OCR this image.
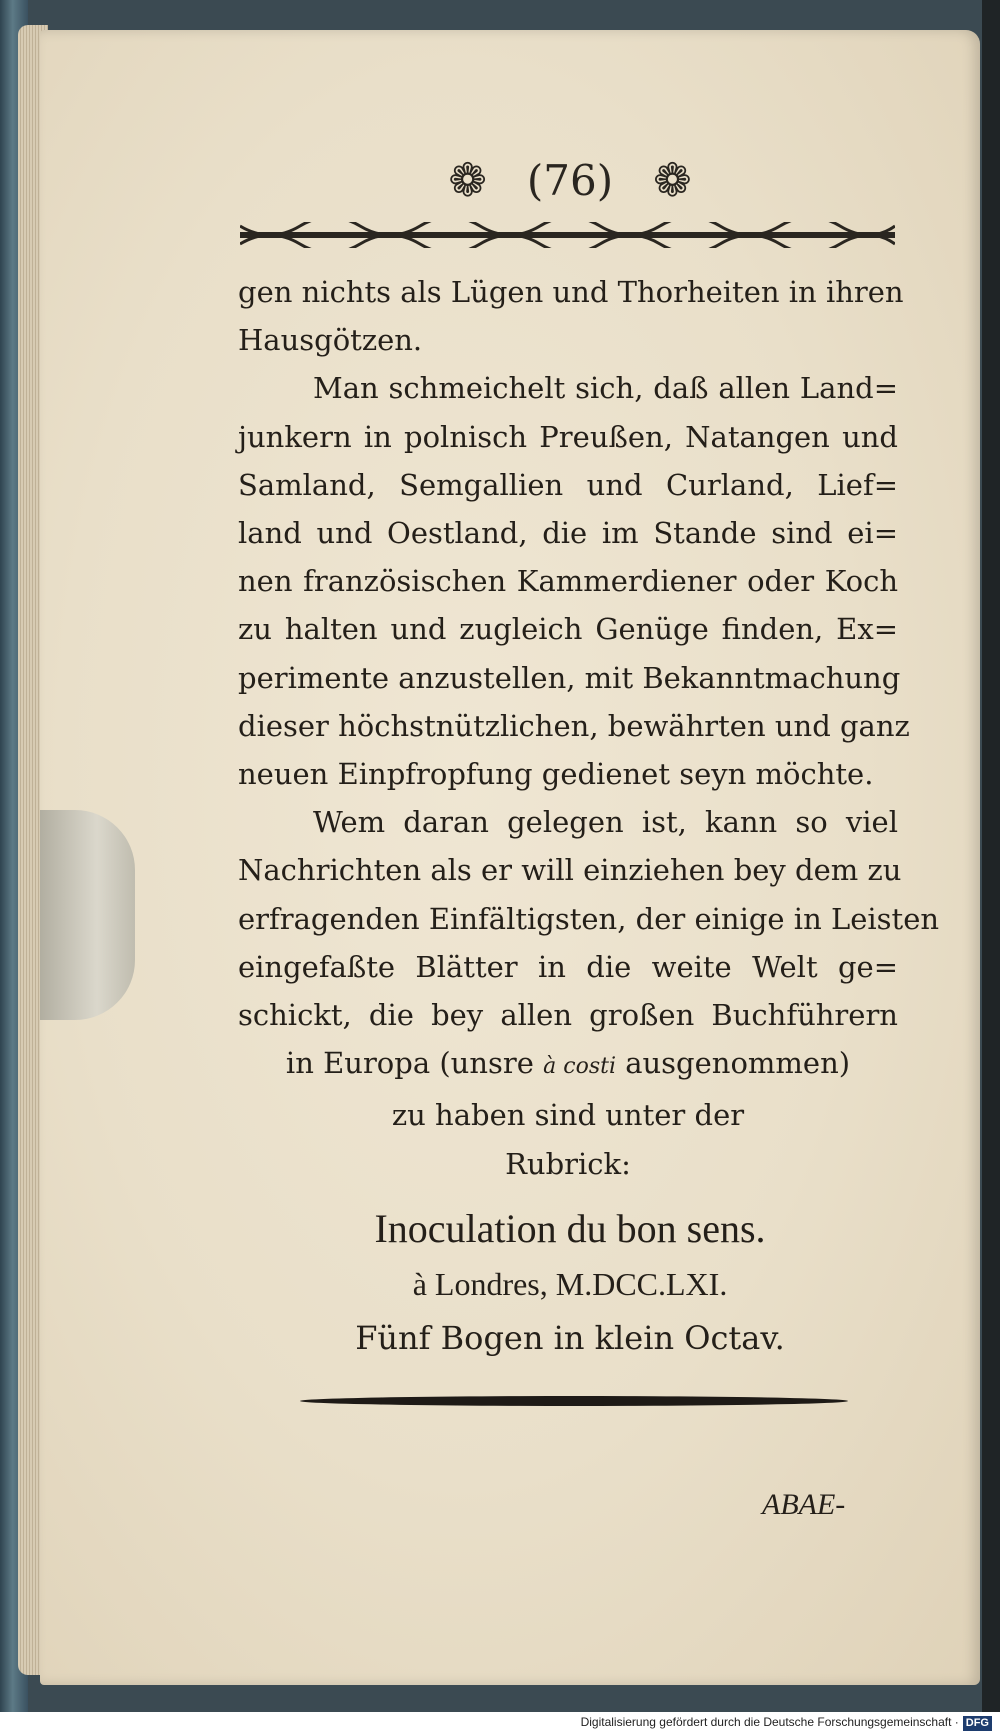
❁ (76) ❁
gen nichts als Lügen und Thorheiten in ihren
Hausgötzen.
Man schmeichelt sich, daß allen Land=
junkern in polnisch Preußen, Natangen und
Samland, Semgallien und Curland, Lief=
land und Oestland, die im Stande sind ei=
nen französischen Kammerdiener oder Koch
zu halten und zugleich Genüge finden, Ex=
perimente anzustellen, mit Bekanntmachung
dieser höchstnützlichen, bewährten und ganz
neuen Einpfropfung gedienet seyn möchte.
Wem daran gelegen ist, kann so viel
Nachrichten als er will einziehen bey dem zu
erfragenden Einfältigsten, der einige in Leisten
eingefaßte Blätter in die weite Welt ge=
schickt, die bey allen großen Buchführern
in Europa (unsre à costi ausgenommen)
zu haben sind unter der
Rubrick:
Inoculation du bon sens.
à Londres, M.DCC.LXI.
Fünf Bogen in klein Octav.
ABAE-
Digitalisierung gefördert durch die Deutsche Forschungsgemeinschaft · DFG
